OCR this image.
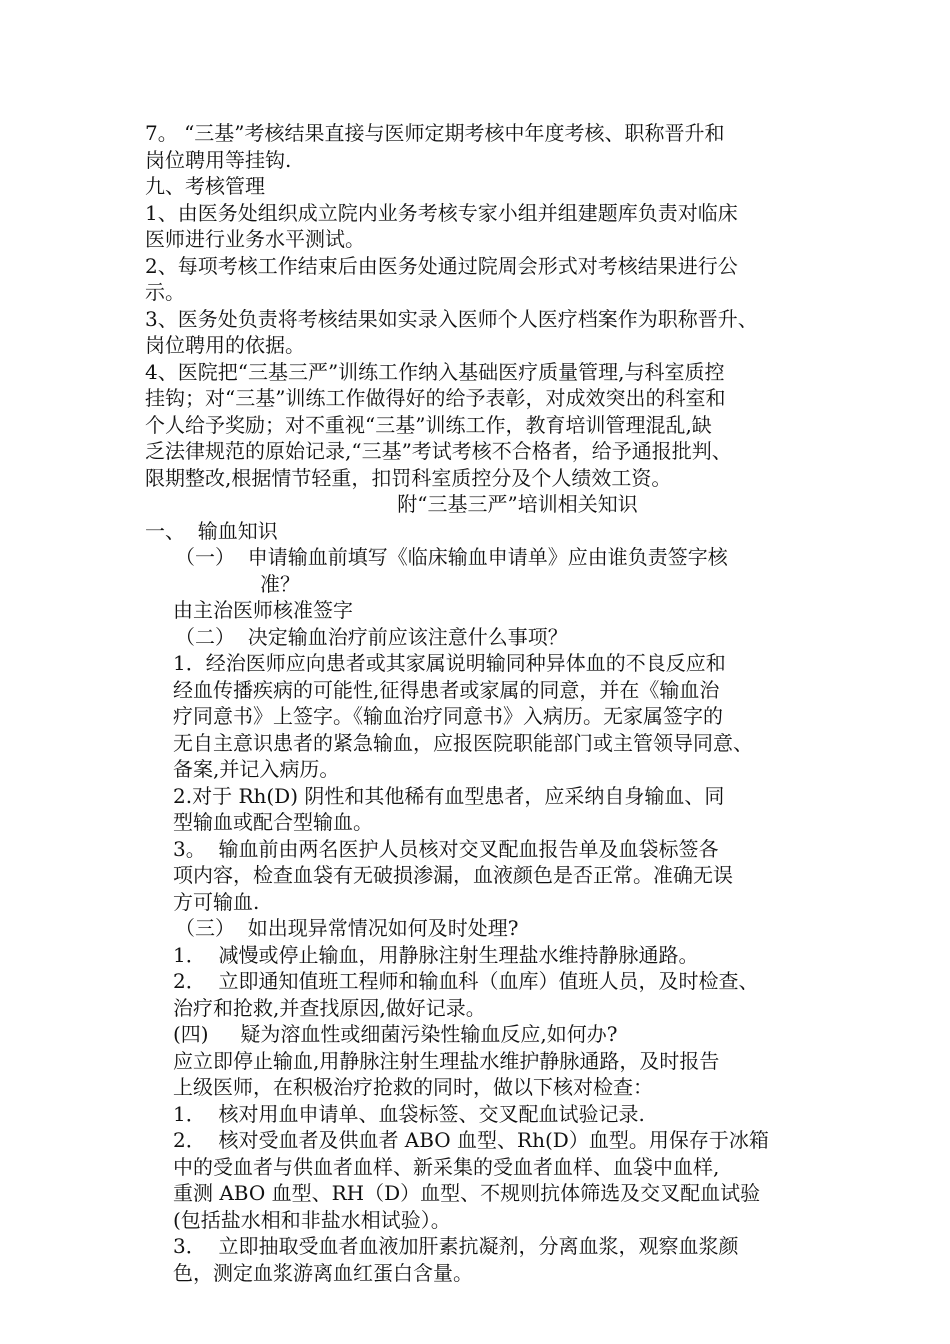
7。 “三基”考核结果直接与医师定期考核中年度考核、职称晋升和

岗位聘用等挂钩.

九、考核管理

1、由医务处组织成立院内业务考核专家小组并组建题库负责对临床

医师进行业务水平测试。

2、每项考核工作结束后由医务处通过院周会形式对考核结果进行公

示。

3、医务处负责将考核结果如实录入医师个人医疗档案作为职称晋升、

岗位聘用的依据。

4、医院把“三基三严”训练工作纳入基础医疗质量管理,与科室质控

挂钩；对“三基”训练工作做得好的给予表彰，对成效突出的科室和

个人给予奖励；对不重视“三基”训练工作，教育培训管理混乱,缺

乏法律规范的原始记录,“三基”考试考核不合格者，给予通报批判、

限期整改,根据情节轻重，扣罚科室质控分及个人绩效工资。

附“三基三严”培训相关知识

一、  输血知识

（一）  申请输血前填写《临床输血申请单》应由谁负责签字核

准？

由主治医师核准签字

（二）  决定输血治疗前应该注意什么事项？

1．经治医师应向患者或其家属说明输同种异体血的不良反应和

经血传播疾病的可能性,征得患者或家属的同意，并在《输血治

疗同意书》上签字。《输血治疗同意书》入病历。无家属签字的

无自主意识患者的紧急输血，应报医院职能部门或主管领导同意、

备案,并记入病历。

2.对于 Rh(D) 阴性和其他稀有血型患者，应采纳自身输血、同

型输血或配合型输血。

3。  输血前由两名医护人员核对交叉配血报告单及血袋标签各

项内容，检查血袋有无破损渗漏，血液颜色是否正常。准确无误

方可输血.

（三）  如出现异常情况如何及时处理?

1．  减慢或停止输血，用静脉注射生理盐水维持静脉通路。

2．  立即通知值班工程师和输血科（血库）值班人员，及时检查、

治疗和抢救,并查找原因,做好记录。

(四)     疑为溶血性或细菌污染性输血反应,如何办?

应立即停止输血,用静脉注射生理盐水维护静脉通路，及时报告

上级医师，在积极治疗抢救的同时，做以下核对检查：

1．  核对用血申请单、血袋标签、交叉配血试验记录.

2．  核对受血者及供血者 ABO 血型、Rh(D）血型。用保存于冰箱

中的受血者与供血者血样、新采集的受血者血样、血袋中血样,

重测 ABO 血型、RH（D）血型、不规则抗体筛选及交叉配血试验

(包括盐水相和非盐水相试验）。

3．  立即抽取受血者血液加肝素抗凝剂，分离血浆，观察血浆颜

色，测定血浆游离血红蛋白含量。
